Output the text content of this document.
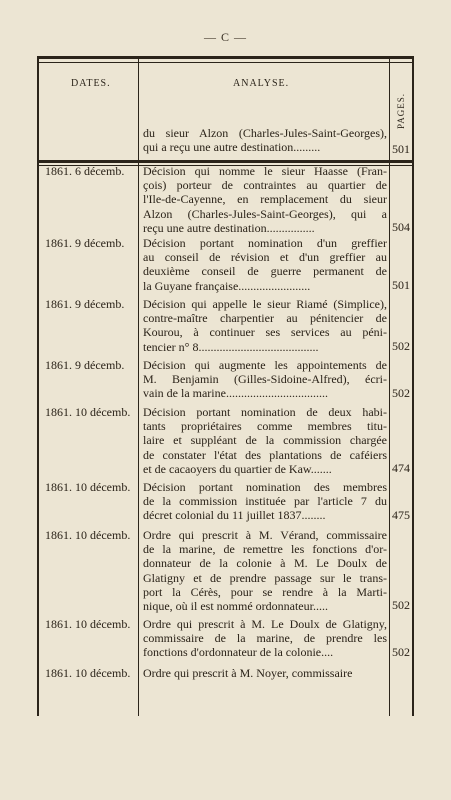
— C —
DATES.	ANALYSE.
PAGES.
du sieur Alzon (Charles-Jules-Saint-Georges),
qui a reçu une autre destination.........	501
1861. 6 décemb.	Décision qui nomme le sieur Haasse (Fran-
çois) porteur de contraintes au quartier de
l'Ile-de-Cayenne, en remplacement du sieur
Alzon (Charles-Jules-Saint-Georges), qui a
reçu une autre destination................	504
1861. 9 décemb.	Décision portant nomination d'un greffier
au conseil de révision et d'un greffier au
deuxième conseil de guerre permanent de
la Guyane française........................	501
1861. 9 décemb.	Décision qui appelle le sieur Riamé (Simplice),
contre-maître charpentier au pénitencier de
Kourou, à continuer ses services au péni-
tencier n° 8........................................	502
1861. 9 décemb.	Décision qui augmente les appointements de
M. Benjamin (Gilles-Sidoine-Alfred), écri-
vain de la marine..................................	502
1861. 10 décemb.	Décision portant nomination de deux habi-
tants propriétaires comme membres titu-
laire et suppléant de la commission chargée
de constater l'état des plantations de caféiers
et de cacaoyers du quartier de Kaw.......	474
1861. 10 décemb.	Décision portant nomination des membres
de la commission instituée par l'article 7 du
décret colonial du 11 juillet 1837........	475
1861. 10 décemb.	Ordre qui prescrit à M. Vérand, commissaire
de la marine, de remettre les fonctions d'or-
donnateur de la colonie à M. Le Doulx de
Glatigny et de prendre passage sur le trans-
port la Cérès, pour se rendre à la Marti-
nique, où il est nommé ordonnateur.....	502
1861. 10 décemb.	Ordre qui prescrit à M. Le Doulx de Glatigny,
commissaire de la marine, de prendre les
fonctions d'ordonnateur de la colonie....	502
1861. 10 décemb.	Ordre qui prescrit à M. Noyer, commissaire
